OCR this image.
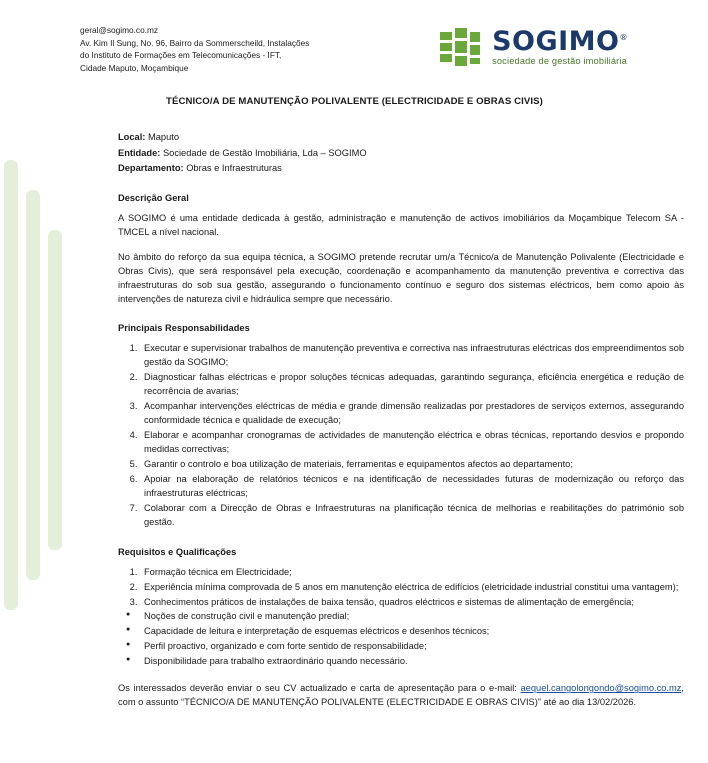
geral@sogimo.co.mz
Av. Kim Il Sung, No. 96, Bairro da Sommerscheild, Instalações
do Instituto de Formações em Telecomunicações - IFT,
Cidade Maputo, Moçambique
SOGIMO®
sociedade de gestão imobiliária
TÉCNICO/A DE MANUTENÇÃO POLIVALENTE (ELECTRICIDADE E OBRAS CIVIS)

Local: Maputo

Entidade: Sociedade de Gestão Imobiliária, Lda – SOGIMO

Departamento: Obras e Infraestruturas

Descrição Geral

A SOGIMO é uma entidade dedicada à gestão, administração e manutenção de activos imobiliários da Moçambique Telecom SA - TMCEL a nível nacional.

No âmbito do reforço da sua equipa técnica, a SOGIMO pretende recrutar um/a Técnico/a de Manutenção Polivalente (Electricidade e Obras Civis), que será responsável pela execução, coordenação e acompanhamento da manutenção preventiva e correctiva das infraestruturas do sob sua gestão, assegurando o funcionamento contínuo e seguro dos sistemas eléctricos, bem como apoio às intervenções de natureza civil e hidráulica sempre que necessário.

Principais Responsabilidades
1. Executar e supervisionar trabalhos de manutenção preventiva e correctiva nas infraestruturas eléctricas dos empreendimentos sob gestão da SOGIMO;
2. Diagnosticar falhas eléctricas e propor soluções técnicas adequadas, garantindo segurança, eficiência energética e redução de recorrência de avarias;
3. Acompanhar intervenções eléctricas de média e grande dimensão realizadas por prestadores de serviços externos, assegurando conformidade técnica e qualidade de execução;
4. Elaborar e acompanhar cronogramas de actividades de manutenção eléctrica e obras técnicas, reportando desvios e propondo medidas correctivas;
5. Garantir o controlo e boa utilização de materiais, ferramentas e equipamentos afectos ao departamento;
6. Apoiar na elaboração de relatórios técnicos e na identificação de necessidades futuras de modernização ou reforço das infraestruturas eléctricas;
7. Colaborar com a Direcção de Obras e Infraestruturas na planificação técnica de melhorias e reabilitações do património sob gestão.
Requisitos e Qualificações
1. Formação técnica em Electricidade;
2. Experiência mínima comprovada de 5 anos em manutenção eléctrica de edifícios (eletricidade industrial constitui uma vantagem);
3. Conhecimentos práticos de instalações de baixa tensão, quadros eléctricos e sistemas de alimentação de emergência;
● Noções de construção civil e manutenção predial;
● Capacidade de leitura e interpretação de esquemas eléctricos e desenhos técnicos;
● Perfil proactivo, organizado e com forte sentido de responsabilidade;
● Disponibilidade para trabalho extraordinário quando necessário.
Os interessados deverão enviar o seu CV actualizado e carta de apresentação para o e-mail: aequel.cangolongondo@sogimo.co.mz, com o assunto “TÉCNICO/A DE MANUTENÇÃO POLIVALENTE (ELECTRICIDADE E OBRAS CIVIS)” até ao dia 13/02/2026.
